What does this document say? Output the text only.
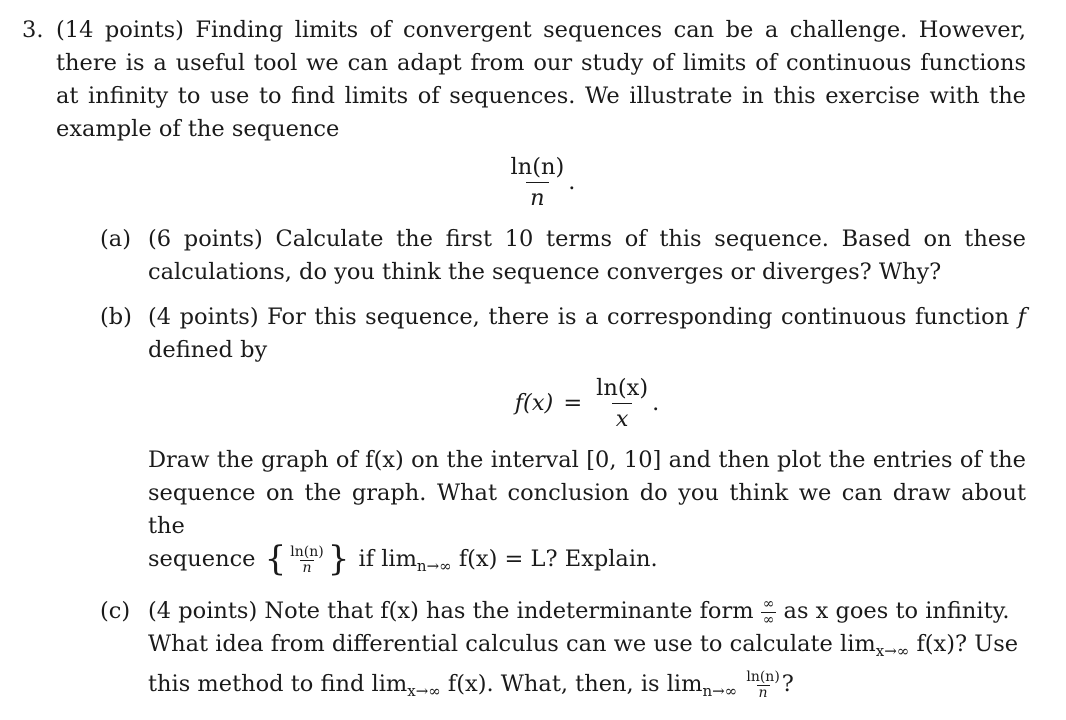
3. (14 points) Finding limits of convergent sequences can be a challenge. However, there is a useful tool we can adapt from our study of limits of continuous functions at infinity to use to find limits of sequences. We illustrate in this exercise with the example of the sequence
$\frac{\ln(n)}{n}$ .
(a) (6 points) Calculate the first 10 terms of this sequence. Based on these calculations, do you think the sequence converges or diverges? Why?
(b) (4 points) For this sequence, there is a corresponding continuous function f defined by
$f(x) = \frac{\ln(x)}{x}$ .
Draw the graph of f(x) on the interval [0, 10] and then plot the entries of the sequence on the graph. What conclusion do you think we can draw about the
sequence { $\frac{\ln(n)}{n}$ } if $\lim_{n\to\infty} f(x) = L$? Explain.
(c) (4 points) Note that f(x) has the indeterminante form $\frac{\infty}{\infty}$ as x goes to infinity.
What idea from differential calculus can we use to calculate $\lim_{x\to\infty} f(x)$? Use
this method to find $\lim_{x\to\infty} f(x)$. What, then, is $\lim_{n\to\infty} \frac{\ln(n)}{n}$ ?
